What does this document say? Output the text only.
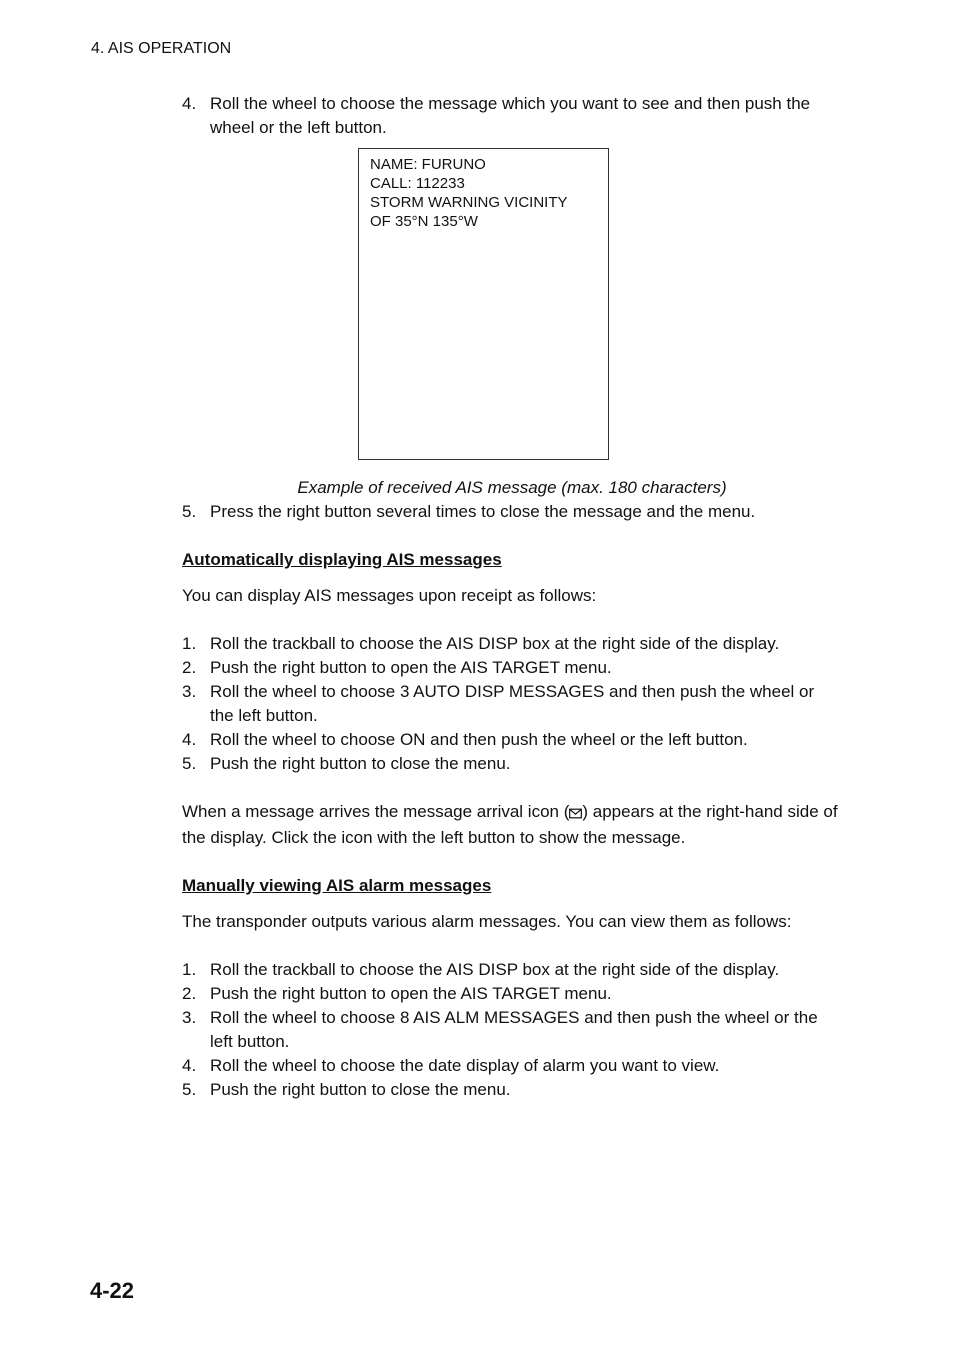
4. AIS OPERATION
4. Roll the wheel to choose the message which you want to see and then push the wheel or the left button.
NAME: FURUNO
CALL: 112233
STORM WARNING VICINITY
OF 35°N 135°W
Example of received AIS message (max. 180 characters)
5. Press the right button several times to close the message and the menu.
Automatically displaying AIS messages
You can display AIS messages upon receipt as follows:
1. Roll the trackball to choose the AIS DISP box at the right side of the display.
2. Push the right button to open the AIS TARGET menu.
3. Roll the wheel to choose 3 AUTO DISP MESSAGES and then push the wheel or the left button.
4. Roll the wheel to choose ON and then push the wheel or the left button.
5. Push the right button to close the menu.
When a message arrives the message arrival icon ( ) appears at the right-hand side of the display. Click the icon with the left button to show the message.
Manually viewing AIS alarm messages
The transponder outputs various alarm messages. You can view them as follows:
1. Roll the trackball to choose the AIS DISP box at the right side of the display.
2. Push the right button to open the AIS TARGET menu.
3. Roll the wheel to choose 8 AIS ALM MESSAGES and then push the wheel or the left button.
4. Roll the wheel to choose the date display of alarm you want to view.
5. Push the right button to close the menu.
4-22
